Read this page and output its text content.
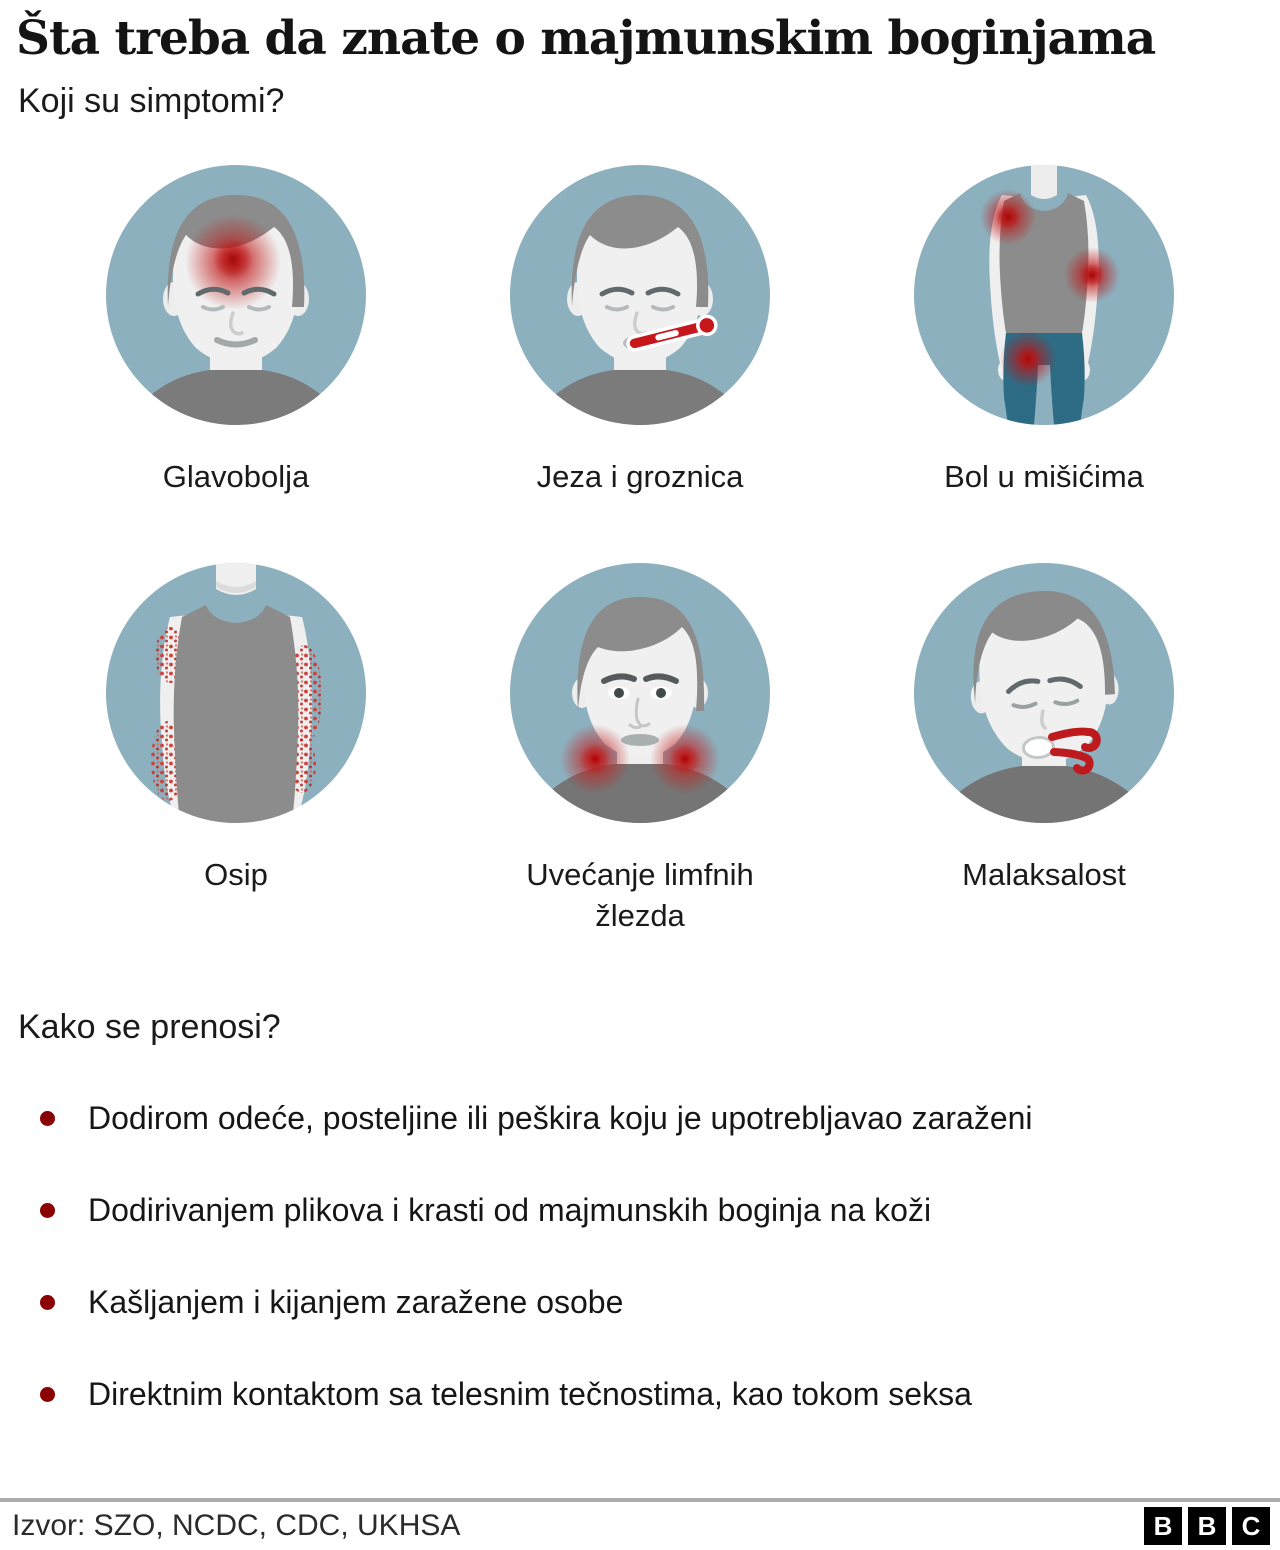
Šta treba da znate o majmunskim boginjama
Koji su simptomi?
Glavobolja	Jeza i groznica	Bol u mišićima
Osip	Uvećanje limfnih žlezda
Malaksalost
Kako se prenosi?
Dodirom odeće, posteljine ili peškira koju je upotrebljavao zaraženi
Dodirivanjem plikova i krasti od majmunskih boginja na koži
Kašljanjem i kijanjem zaražene osobe
Direktnim kontaktom sa telesnim tečnostima, kao tokom seksa
Izvor: SZO, NCDC, CDC, UKHSA	B B C
